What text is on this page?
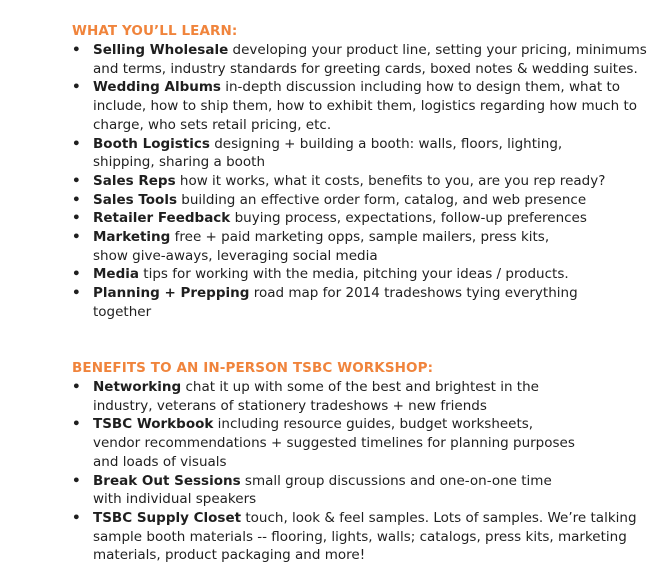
WHAT YOU’LL LEARN:
• Selling Wholesale developing your product line, setting your pricing, minimums
and terms, industry standards for greeting cards, boxed notes & wedding suites.
• Wedding Albums in-depth discussion including how to design them, what to
include, how to ship them, how to exhibit them, logistics regarding how much to
charge, who sets retail pricing, etc.
• Booth Logistics designing + building a booth: walls, floors, lighting,
shipping, sharing a booth
• Sales Reps how it works, what it costs, benefits to you, are you rep ready?
• Sales Tools building an effective order form, catalog, and web presence
• Retailer Feedback buying process, expectations, follow-up preferences
• Marketing free + paid marketing opps, sample mailers, press kits,
show give-aways, leveraging social media
• Media tips for working with the media, pitching your ideas / products.
• Planning + Prepping road map for 2014 tradeshows tying everything
together
BENEFITS TO AN IN-PERSON TSBC WORKSHOP:
• Networking chat it up with some of the best and brightest in the
industry, veterans of stationery tradeshows + new friends
• TSBC Workbook including resource guides, budget worksheets,
vendor recommendations + suggested timelines for planning purposes
and loads of visuals
• Break Out Sessions small group discussions and one-on-one time
with individual speakers
• TSBC Supply Closet touch, look & feel samples. Lots of samples. We’re talking
sample booth materials -- flooring, lights, walls; catalogs, press kits, marketing
materials, product packaging and more!
